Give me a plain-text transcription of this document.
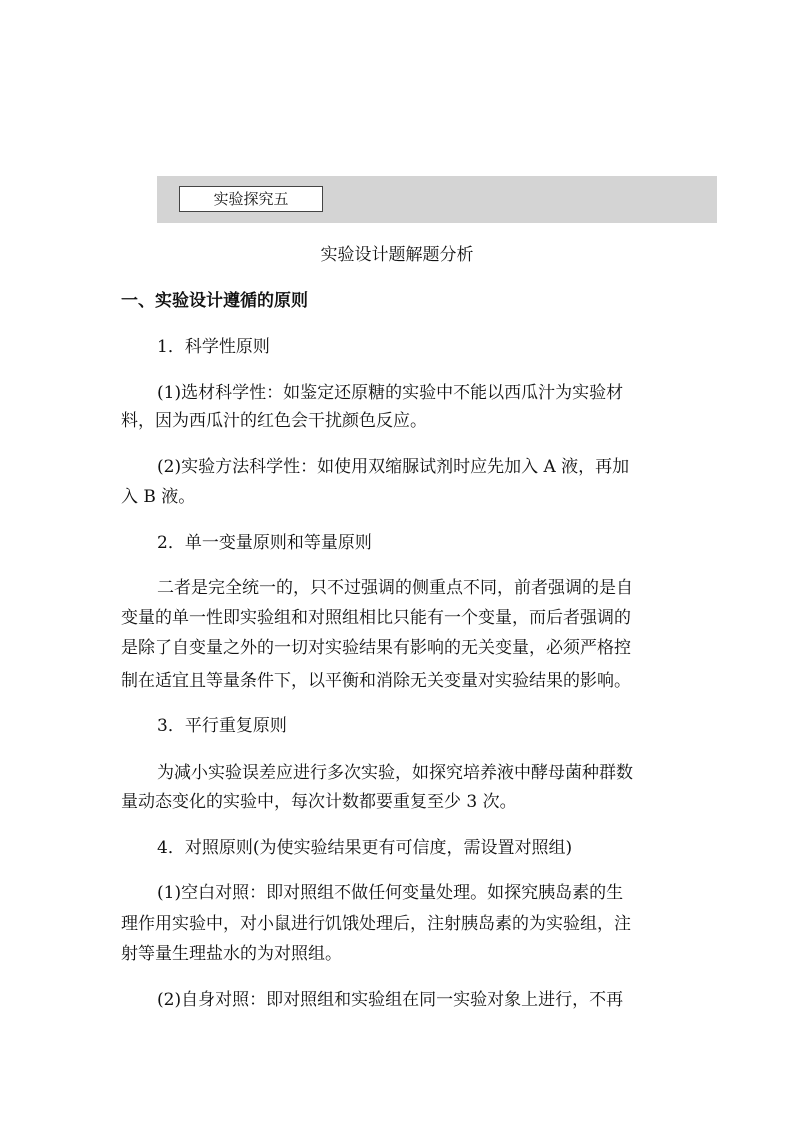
实验探究五
实验设计题解题分析
一、实验设计遵循的原则
1．科学性原则
(1)选材科学性：如鉴定还原糖的实验中不能以西瓜汁为实验材
料，因为西瓜汁的红色会干扰颜色反应。
(2)实验方法科学性：如使用双缩脲试剂时应先加入 A 液，再加
入 B 液。
2．单一变量原则和等量原则
二者是完全统一的，只不过强调的侧重点不同，前者强调的是自
变量的单一性即实验组和对照组相比只能有一个变量，而后者强调的
是除了自变量之外的一切对实验结果有影响的无关变量，必须严格控
制在适宜且等量条件下，以平衡和消除无关变量对实验结果的影响。
3．平行重复原则
为减小实验误差应进行多次实验，如探究培养液中酵母菌种群数
量动态变化的实验中，每次计数都要重复至少 3 次。
4．对照原则(为使实验结果更有可信度，需设置对照组)
(1)空白对照：即对照组不做任何变量处理。如探究胰岛素的生
理作用实验中，对小鼠进行饥饿处理后，注射胰岛素的为实验组，注
射等量生理盐水的为对照组。
(2)自身对照：即对照组和实验组在同一实验对象上进行，不再
